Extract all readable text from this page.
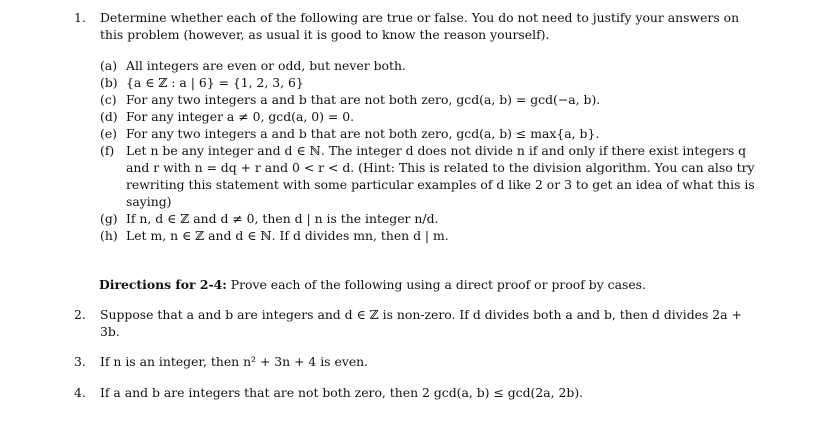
1.	Determine whether each of the following are true or false. You do not need to justify your answers on this problem (however, as usual it is good to know the reason yourself).
(a) All integers are even or odd, but never both.
(b) {a ∈ ℤ : a | 6} = {1, 2, 3, 6}
(c) For any two integers a and b that are not both zero, gcd(a, b) = gcd(−a, b).
(d) For any integer a ≠ 0, gcd(a, 0) = 0.
(e) For any two integers a and b that are not both zero, gcd(a, b) ≤ max{a, b}.
(f) Let n be any integer and d ∈ ℕ. The integer d does not divide n if and only if there exist integers q and r with n = dq + r and 0 < r < d. (Hint: This is related to the division algorithm. You can also try rewriting this statement with some particular examples of d like 2 or 3 to get an idea of what this is saying)
(g) If n, d ∈ ℤ and d ≠ 0, then d | n is the integer n/d.
(h) Let m, n ∈ ℤ and d ∈ ℕ. If d divides mn, then d | m.
Directions for 2-4: Prove each of the following using a direct proof or proof by cases.
2.	Suppose that a and b are integers and d ∈ ℤ is non-zero. If d divides both a and b, then d divides 2a + 3b.
3.	If n is an integer, then n² + 3n + 4 is even.
4.	If a and b are integers that are not both zero, then 2 gcd(a, b) ≤ gcd(2a, 2b).
